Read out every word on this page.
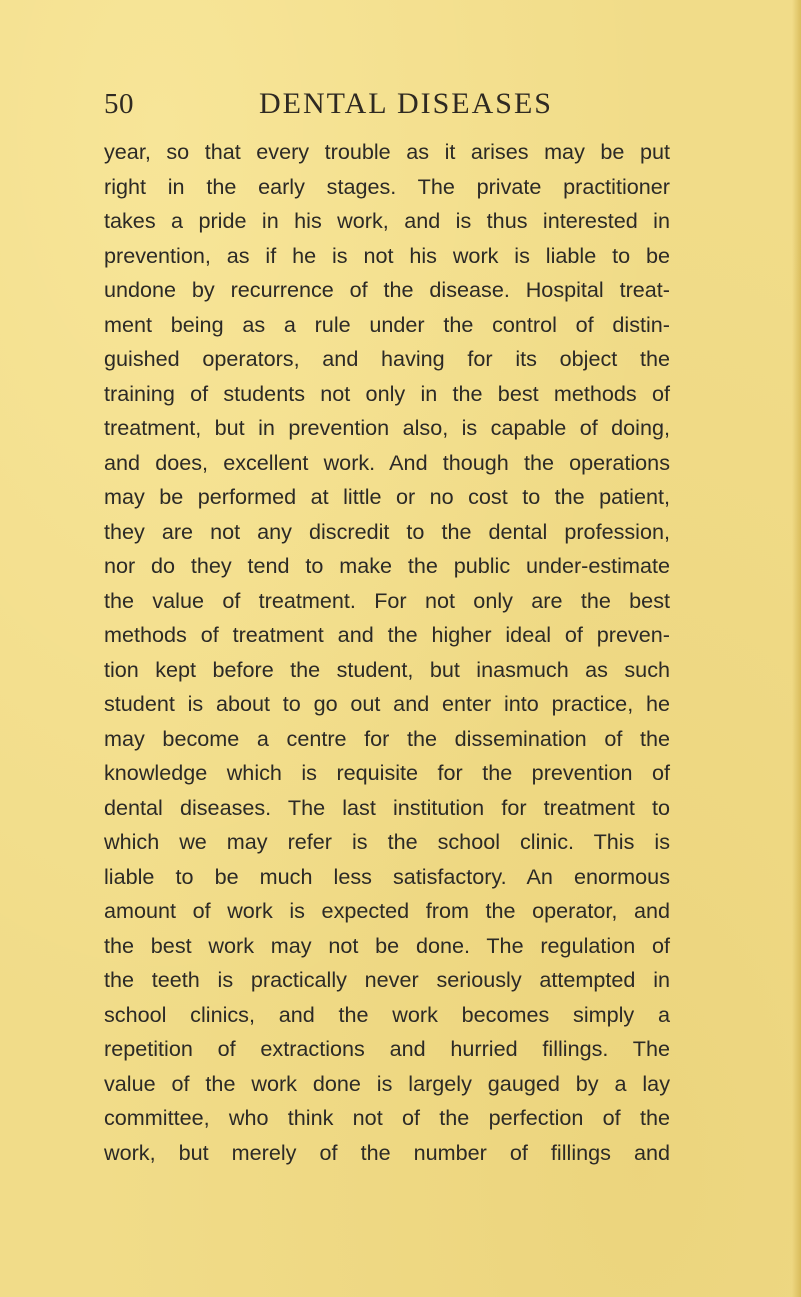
50	DENTAL DISEASES
year, so that every trouble as it arises may be put
right in the early stages. The private practitioner
takes a pride in his work, and is thus interested in
prevention, as if he is not his work is liable to be
undone by recurrence of the disease. Hospital treat-
ment being as a rule under the control of distin-
guished operators, and having for its object the
training of students not only in the best methods of
treatment, but in prevention also, is capable of doing,
and does, excellent work. And though the operations
may be performed at little or no cost to the patient,
they are not any discredit to the dental profession,
nor do they tend to make the public under-estimate
the value of treatment. For not only are the best
methods of treatment and the higher ideal of preven-
tion kept before the student, but inasmuch as such
student is about to go out and enter into practice, he
may become a centre for the dissemination of the
knowledge which is requisite for the prevention of
dental diseases. The last institution for treatment to
which we may refer is the school clinic. This is
liable to be much less satisfactory. An enormous
amount of work is expected from the operator, and
the best work may not be done. The regulation of
the teeth is practically never seriously attempted in
school clinics, and the work becomes simply a
repetition of extractions and hurried fillings. The
value of the work done is largely gauged by a lay
committee, who think not of the perfection of the
work, but merely of the number of fillings and
